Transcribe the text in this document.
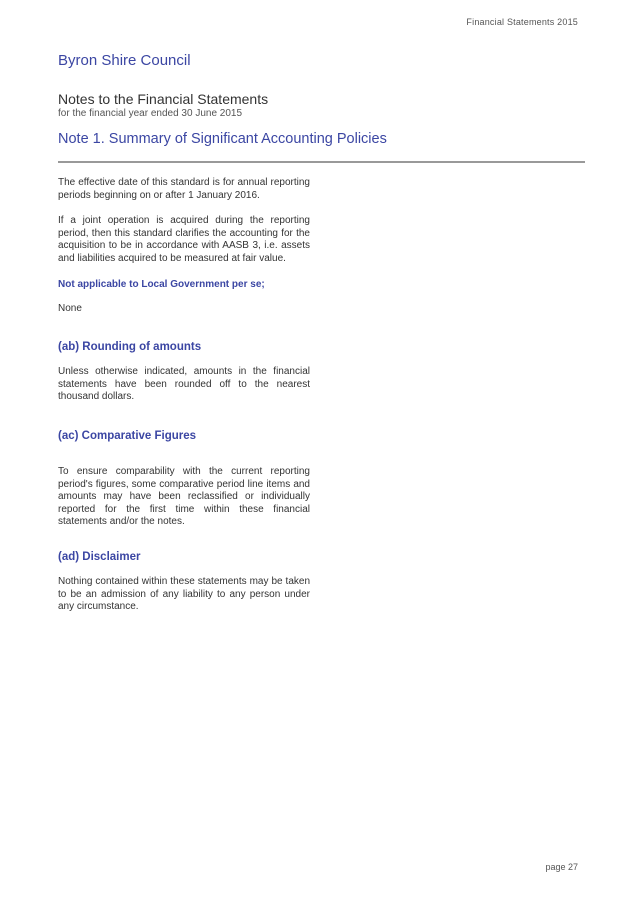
Financial Statements 2015
Byron Shire Council
Notes to the Financial Statements
for the financial year ended 30 June 2015
Note 1. Summary of Significant Accounting Policies

The effective date of this standard is for annual reporting periods beginning on or after 1 January 2016.

If a joint operation is acquired during the reporting period, then this standard clarifies the accounting for the acquisition to be in accordance with AASB 3, i.e. assets and liabilities acquired to be measured at fair value.

Not applicable to Local Government per se;

None

(ab) Rounding of amounts

Unless otherwise indicated, amounts in the financial statements have been rounded off to the nearest thousand dollars.

(ac) Comparative Figures

To ensure comparability with the current reporting period's figures, some comparative period line items and amounts may have been reclassified or individually reported for the first time within these financial statements and/or the notes.

(ad) Disclaimer

Nothing contained within these statements may be taken to be an admission of any liability to any person under any circumstance.

page 27
